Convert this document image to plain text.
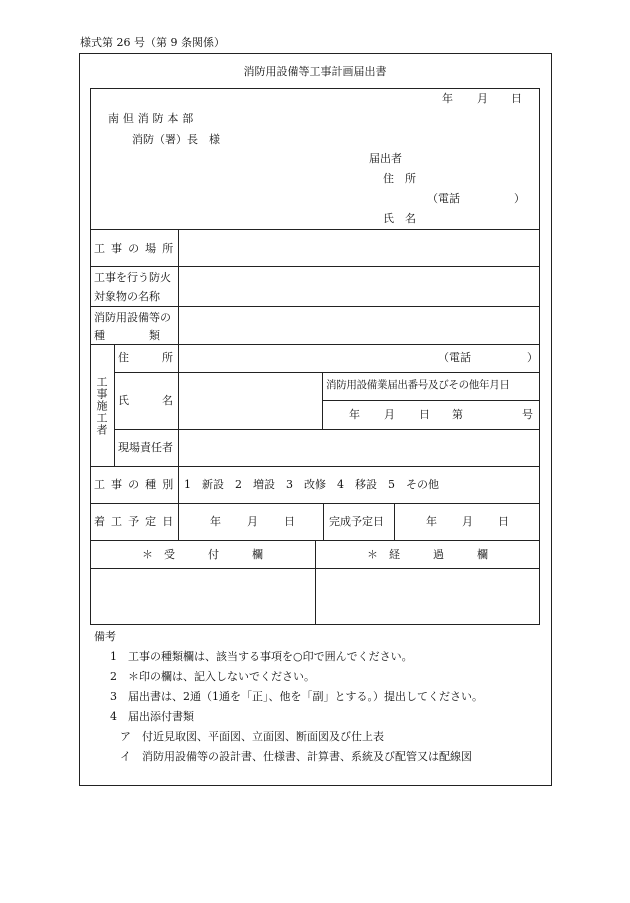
様式第 26 号（第 9 条関係）
消防用設備等工事計画届出書
年 月 日
南但消防本部
消防（署）長　様
届出者
住　所
（電話	）
氏　名
工事の場所
工事を行う防火
対象物の名称
消防用設備等の
種　　　　類
工事施工者
住　　　所	（電話	）
氏　　　名
消防用設備業届出番号及びその他年月日
年 月 日 第	号
現場責任者
工事の種別 1　新設　2　増設　3　改修　4　移設　5　その他
着工予定日	年 月 日	完成予定日	年 月 日
＊　受　　　付　　　欄	＊　経　　　過　　　欄
備考
1　工事の種類欄は、該当する事項を○印で囲んでください。
2　＊印の欄は、記入しないでください。
3　届出書は、2通（1通を「正」、他を「副」とする。）提出してください。
4　届出添付書類
ア　付近見取図、平面図、立面図、断面図及び仕上表
イ　消防用設備等の設計書、仕様書、計算書、系統及び配管又は配線図
